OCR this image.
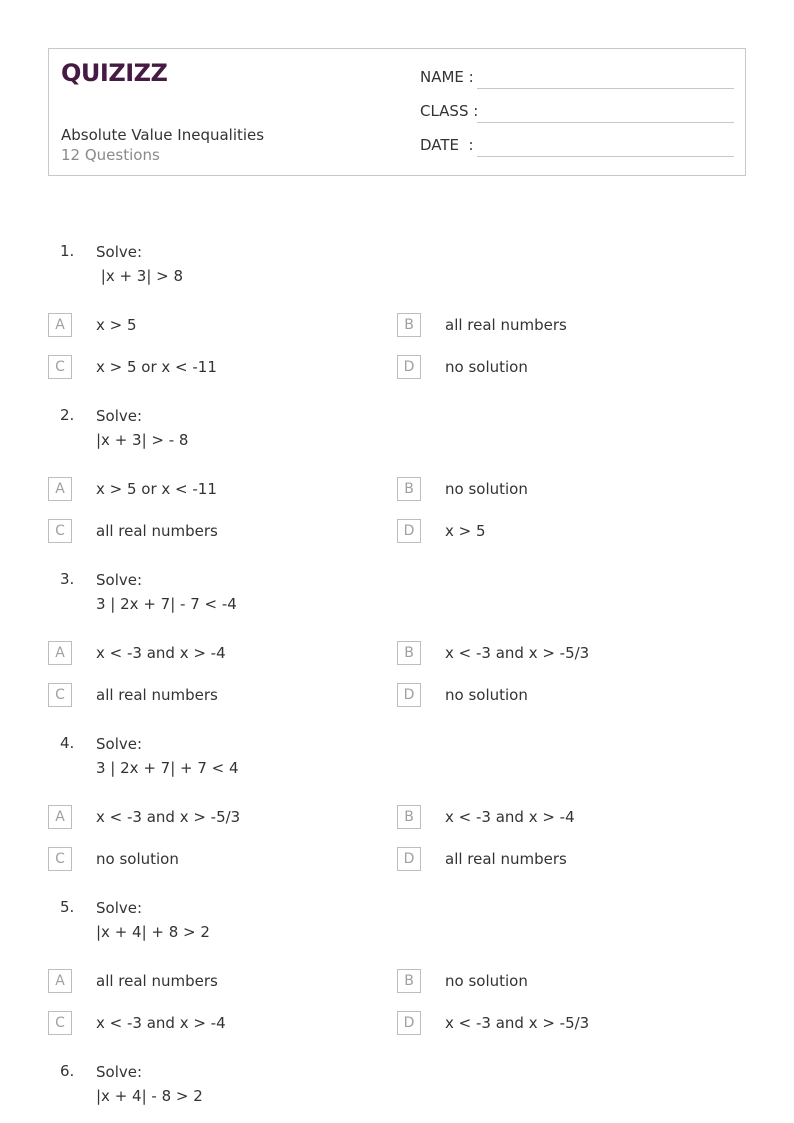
QUIZIZZ
Absolute Value Inequalities
12 Questions
NAME :
CLASS :
DATE  :
1. Solve:
|x + 3| > 8
A	x > 5	B	all real numbers
C	x > 5 or x < -11	D	no solution
2. Solve:
|x + 3| > - 8
A	x > 5 or x < -11	B	no solution
C	all real numbers	D	x > 5
3. Solve:
3 | 2x + 7| - 7 < -4
A	x < -3 and x > -4	B	x < -3 and x > -5/3
C	all real numbers	D	no solution
4. Solve:
3 | 2x + 7| + 7 < 4
A	x < -3 and x > -5/3	B	x < -3 and x > -4
C	no solution	D	all real numbers
5. Solve:
|x + 4| + 8 > 2
A	all real numbers	B	no solution
C	x < -3 and x > -4	D	x < -3 and x > -5/3
6. Solve:
|x + 4| - 8 > 2
